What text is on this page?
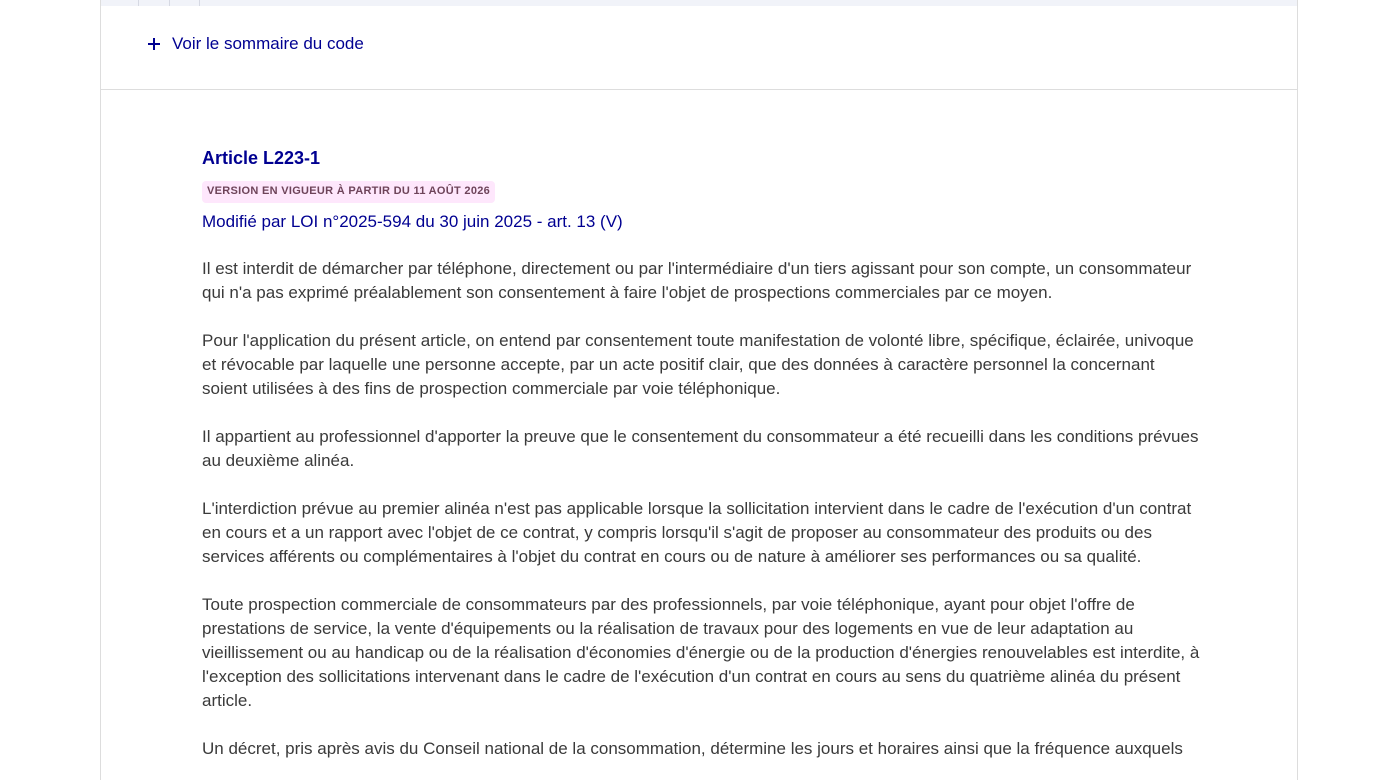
Voir le sommaire du code
Article L223-1
VERSION EN VIGUEUR À PARTIR DU 11 AOÛT 2026
Modifié par LOI n°2025-594 du 30 juin 2025 - art. 13 (V)

Il est interdit de démarcher par téléphone, directement ou par l'intermédiaire d'un tiers agissant pour son compte, un consommateur qui n'a pas exprimé préalablement son consentement à faire l'objet de prospections commerciales par ce moyen.

Pour l'application du présent article, on entend par consentement toute manifestation de volonté libre, spécifique, éclairée, univoque et révocable par laquelle une personne accepte, par un acte positif clair, que des données à caractère personnel la concernant soient utilisées à des fins de prospection commerciale par voie téléphonique.

Il appartient au professionnel d'apporter la preuve que le consentement du consommateur a été recueilli dans les conditions prévues au deuxième alinéa.

L'interdiction prévue au premier alinéa n'est pas applicable lorsque la sollicitation intervient dans le cadre de l'exécution d'un contrat en cours et a un rapport avec l'objet de ce contrat, y compris lorsqu'il s'agit de proposer au consommateur des produits ou des services afférents ou complémentaires à l'objet du contrat en cours ou de nature à améliorer ses performances ou sa qualité.

Toute prospection commerciale de consommateurs par des professionnels, par voie téléphonique, ayant pour objet l'offre de prestations de service, la vente d'équipements ou la réalisation de travaux pour des logements en vue de leur adaptation au vieillissement ou au handicap ou de la réalisation d'économies d'énergie ou de la production d'énergies renouvelables est interdite, à l'exception des sollicitations intervenant dans le cadre de l'exécution d'un contrat en cours au sens du quatrième alinéa du présent article.

Un décret, pris après avis du Conseil national de la consommation, détermine les jours et horaires ainsi que la fréquence auxquels
